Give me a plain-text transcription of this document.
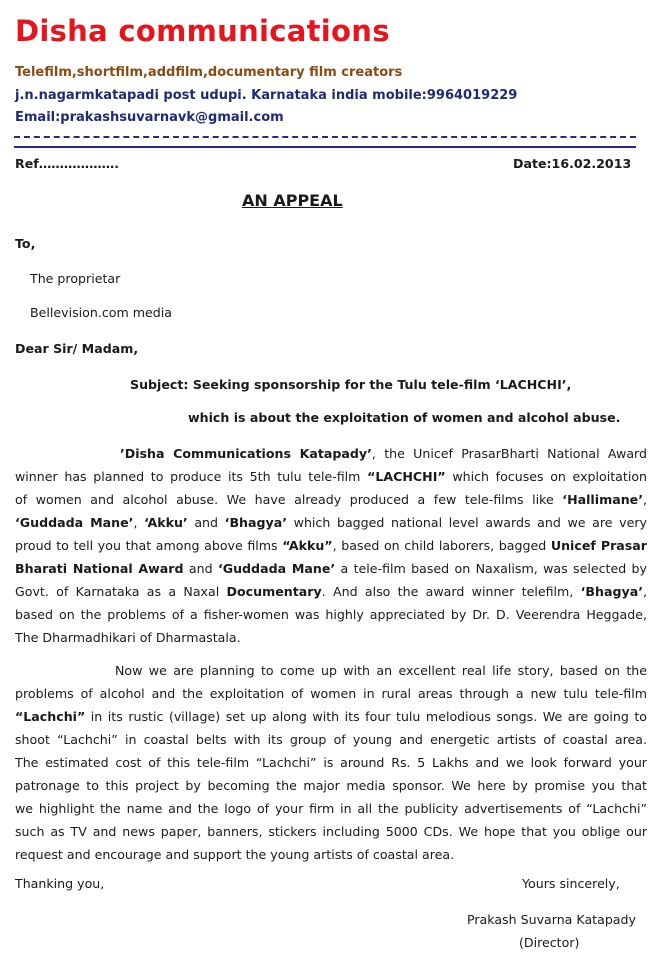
Disha communications
Telefilm,shortfilm,addfilm,documentary film creators
j.n.nagarmkatapadi post udupi. Karnataka india mobile:9964019229
Email:prakashsuvarnavk@gmail.com
Ref……………….	Date:16.02.2013
AN APPEAL
To,
The proprietar
Bellevision.com media
Dear Sir/ Madam,
Subject: Seeking sponsorship for the Tulu tele-film ‘LACHCHI’,
which is about the exploitation of women and alcohol abuse.
’Disha Communications Katapady’, the Unicef PrasarBharti National Award
winner has planned to produce its 5th tulu tele-film “LACHCHI” which focuses on exploitation
of women and alcohol abuse. We have already produced a few tele-films like ‘Hallimane’,
‘Guddada Mane’, ‘Akku’ and ‘Bhagya’ which bagged national level awards and we are very
proud to tell you that among above films “Akku”, based on child laborers, bagged Unicef Prasar
Bharati National Award and ‘Guddada Mane’ a tele-film based on Naxalism, was selected by
Govt. of Karnataka as a Naxal Documentary. And also the award winner telefilm, ‘Bhagya’,
based on the problems of a fisher-women was highly appreciated by Dr. D. Veerendra Heggade,
The Dharmadhikari of Dharmastala.
Now we are planning to come up with an excellent real life story, based on the
problems of alcohol and the exploitation of women in rural areas through a new tulu tele-film
“Lachchi” in its rustic (village) set up along with its four tulu melodious songs. We are going to
shoot “Lachchi” in coastal belts with its group of young and energetic artists of coastal area.
The estimated cost of this tele-film “Lachchi” is around Rs. 5 Lakhs and we look forward your
patronage to this project by becoming the major media sponsor. We here by promise you that
we highlight the name and the logo of your firm in all the publicity advertisements of “Lachchi”
such as TV and news paper, banners, stickers including 5000 CDs. We hope that you oblige our
request and encourage and support the young artists of coastal area.
Thanking you,	Yours sincerely,
Prakash Suvarna Katapady
(Director)
